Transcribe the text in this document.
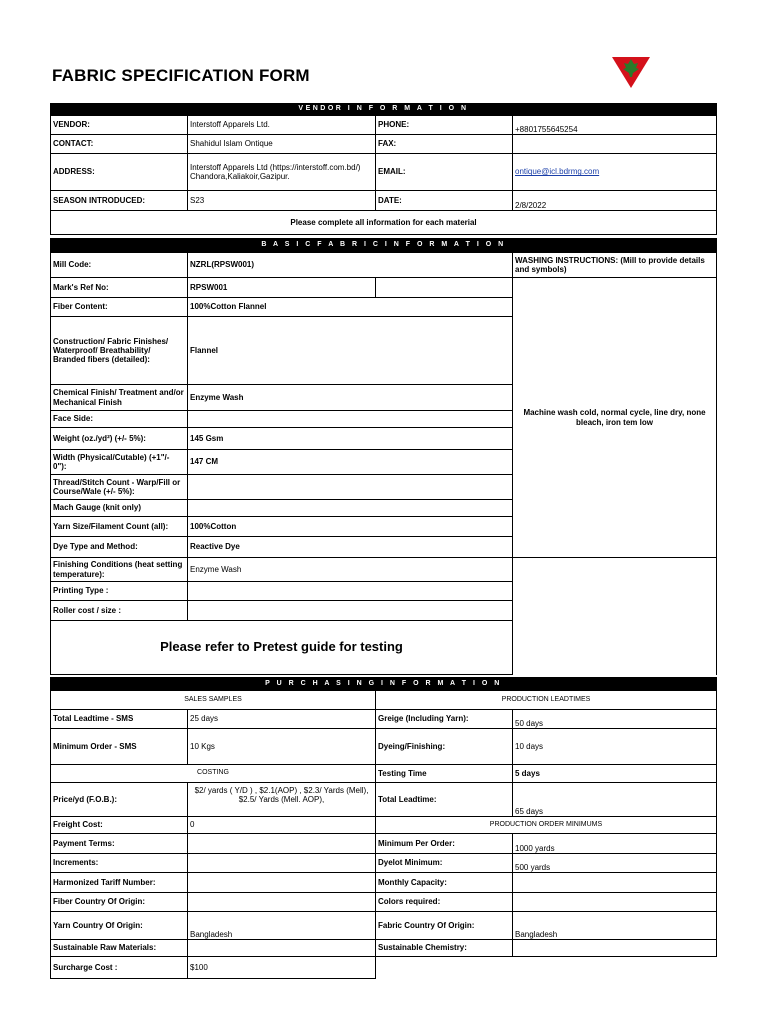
FABRIC SPECIFICATION FORM
VENDOR I N F O R M A T I O N			
VENDOR:	Interstoff Apparels Ltd.	PHONE:	+8801755645254
CONTACT:	Shahidul Islam Ontique	FAX:	
ADDRESS:	Interstoff Apparels Ltd (https://interstoff.com.bd/) Chandora,Kaliakoir,Gazipur.	EMAIL:	ontique@icl.bdrmg.com
SEASON INTRODUCED:	S23	DATE:	2/8/2022
Please complete all information for each material			
B A S I C F A B R I C I N F O R M A T I O N				
Mill Code:	NZRL(RPSW001)		WASHING INSTRUCTIONS: (Mill to provide details and symbols)	
Mark's Ref No:	RPSW001		Machine wash cold, normal cycle, line dry, none bleach, iron tem low	
Fiber Content:	100%Cotton Flannel			
Construction/ Fabric Finishes/ Waterproof/ Breathability/ Branded fibers (detailed):	Flannel			
Chemical Finish/ Treatment and/or Mechanical Finish	Enzyme Wash			
Face Side:				
Weight (oz./yd²) (+/- 5%):	145 Gsm			
Width (Physical/Cutable) (+1"/- 0"):	147 CM			
Thread/Stitch Count - Warp/Fill or Course/Wale (+/- 5%):				
Mach Gauge (knit only)				
Yarn Size/Filament Count (all):	100%Cotton	
Dye Type and Method:	Reactive Dye			
Finishing Conditions (heat setting temperature):	Enzyme Wash			
Printing Type :				
Roller cost / size :				
Please refer to Pretest guide for testing				
P U R C H A S I N G I N F O R M A T I O N			
SALES SAMPLES		PRODUCTION LEADTIMES	
Total Leadtime - SMS	25 days	Greige (Including Yarn):	50 days
Minimum Order - SMS	10 Kgs	Dyeing/Finishing:	10 days
COSTING		Testing Time	5 days
Price/yd (F.O.B.):	$2/ yards ( Y/D ) , $2.1(AOP) , $2.3/ Yards (Mell), $2.5/ Yards (Mell. AOP),	Total Leadtime:	65 days
Freight Cost:	0	PRODUCTION ORDER MINIMUMS	
Payment Terms:		Minimum Per Order:	1000 yards
Increments:		Dyelot Minimum:	500 yards
Harmonized Tariff Number:		Monthly Capacity:	
Fiber Country Of Origin:		Colors required:	
Yarn Country Of Origin:	Bangladesh	Fabric Country Of Origin:	Bangladesh
Sustainable Raw Materials:		Sustainable Chemistry:	
Surcharge Cost :	$100		
